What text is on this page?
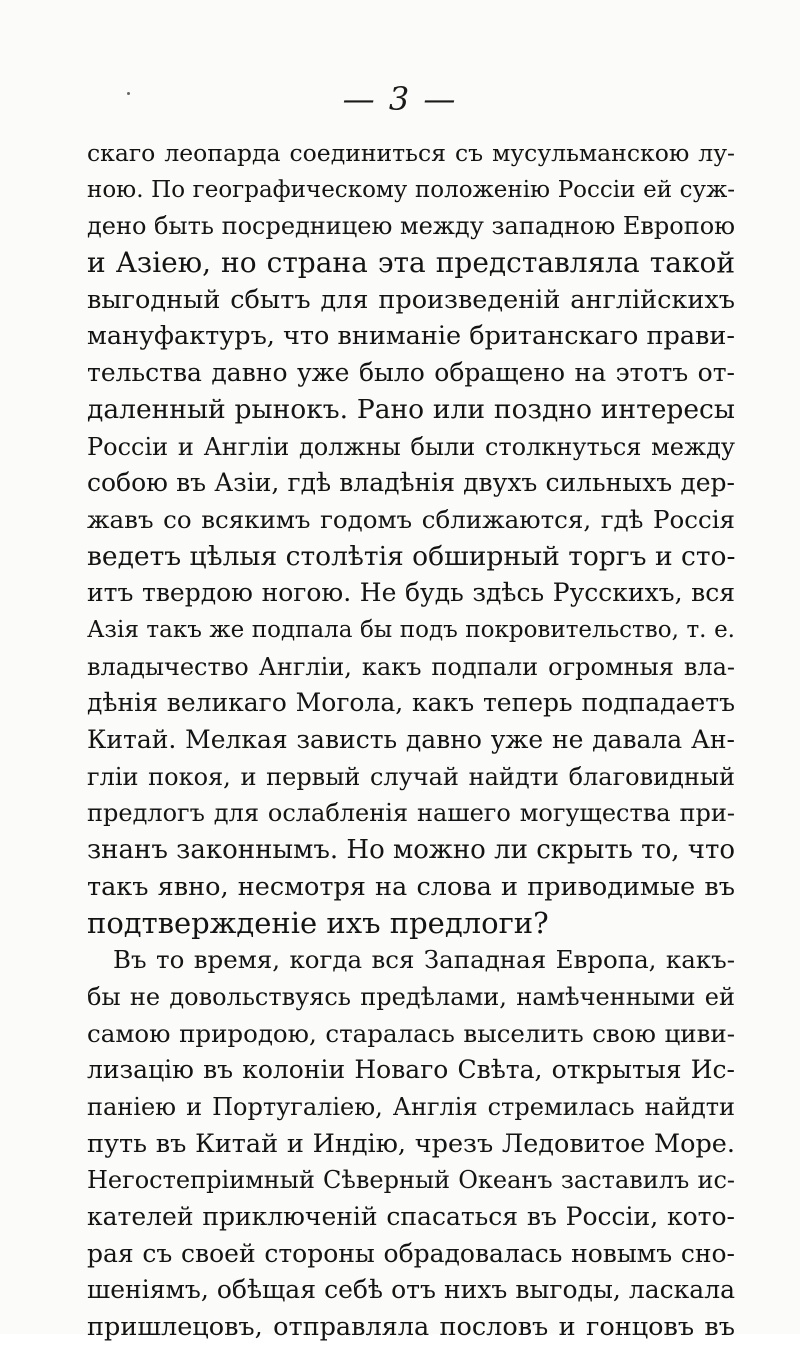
— 3 —
скаго леопарда соединиться съ мусульманскою лу-
ною. По географическому положенію Россіи ей суж-
дено быть посредницею между западною Европою
и Азіею, но страна эта представляла такой
выгодный сбытъ для произведеній англійскихъ
мануфактуръ, что вниманіе британскаго прави-
тельства давно уже было обращено на этотъ от-
даленный рынокъ. Рано или поздно интересы
Россіи и Англіи должны были столкнуться между
собою въ Азіи, гдѣ владѣнія двухъ сильныхъ дер-
жавъ со всякимъ годомъ сближаются, гдѣ Россія
ведетъ цѣлыя столѣтія обширный торгъ и сто-
итъ твердою ногою. Не будь здѣсь Русскихъ, вся
Азія такъ же подпала бы подъ покровительство, т. е.
владычество Англіи, какъ подпали огромныя вла-
дѣнія великаго Могола, какъ теперь подпадаетъ
Китай. Мелкая зависть давно уже не давала Ан-
гліи покоя, и первый случай найдти благовидный
предлогъ для ослабленія нашего могущества при-
знанъ законнымъ. Но можно ли скрыть то, что
такъ явно, несмотря на слова и приводимые въ
подтвержденіе ихъ предлоги?
Въ то время, когда вся Западная Европа, какъ-
бы не довольствуясь предѣлами, намѣченными ей
самою природою, старалась выселить свою циви-
лизацію въ колоніи Новаго Свѣта, открытыя Ис-
паніею и Португаліею, Англія стремилась найдти
путь въ Китай и Индію, чрезъ Ледовитое Море.
Негостепріимный Сѣверный Океанъ заставилъ ис-
кателей приключеній спасаться въ Россіи, кото-
рая съ своей стороны обрадовалась новымъ сно-
шеніямъ, обѣщая себѣ отъ нихъ выгоды, ласкала
пришлецовъ, отправляла пословъ и гонцовъ въ
